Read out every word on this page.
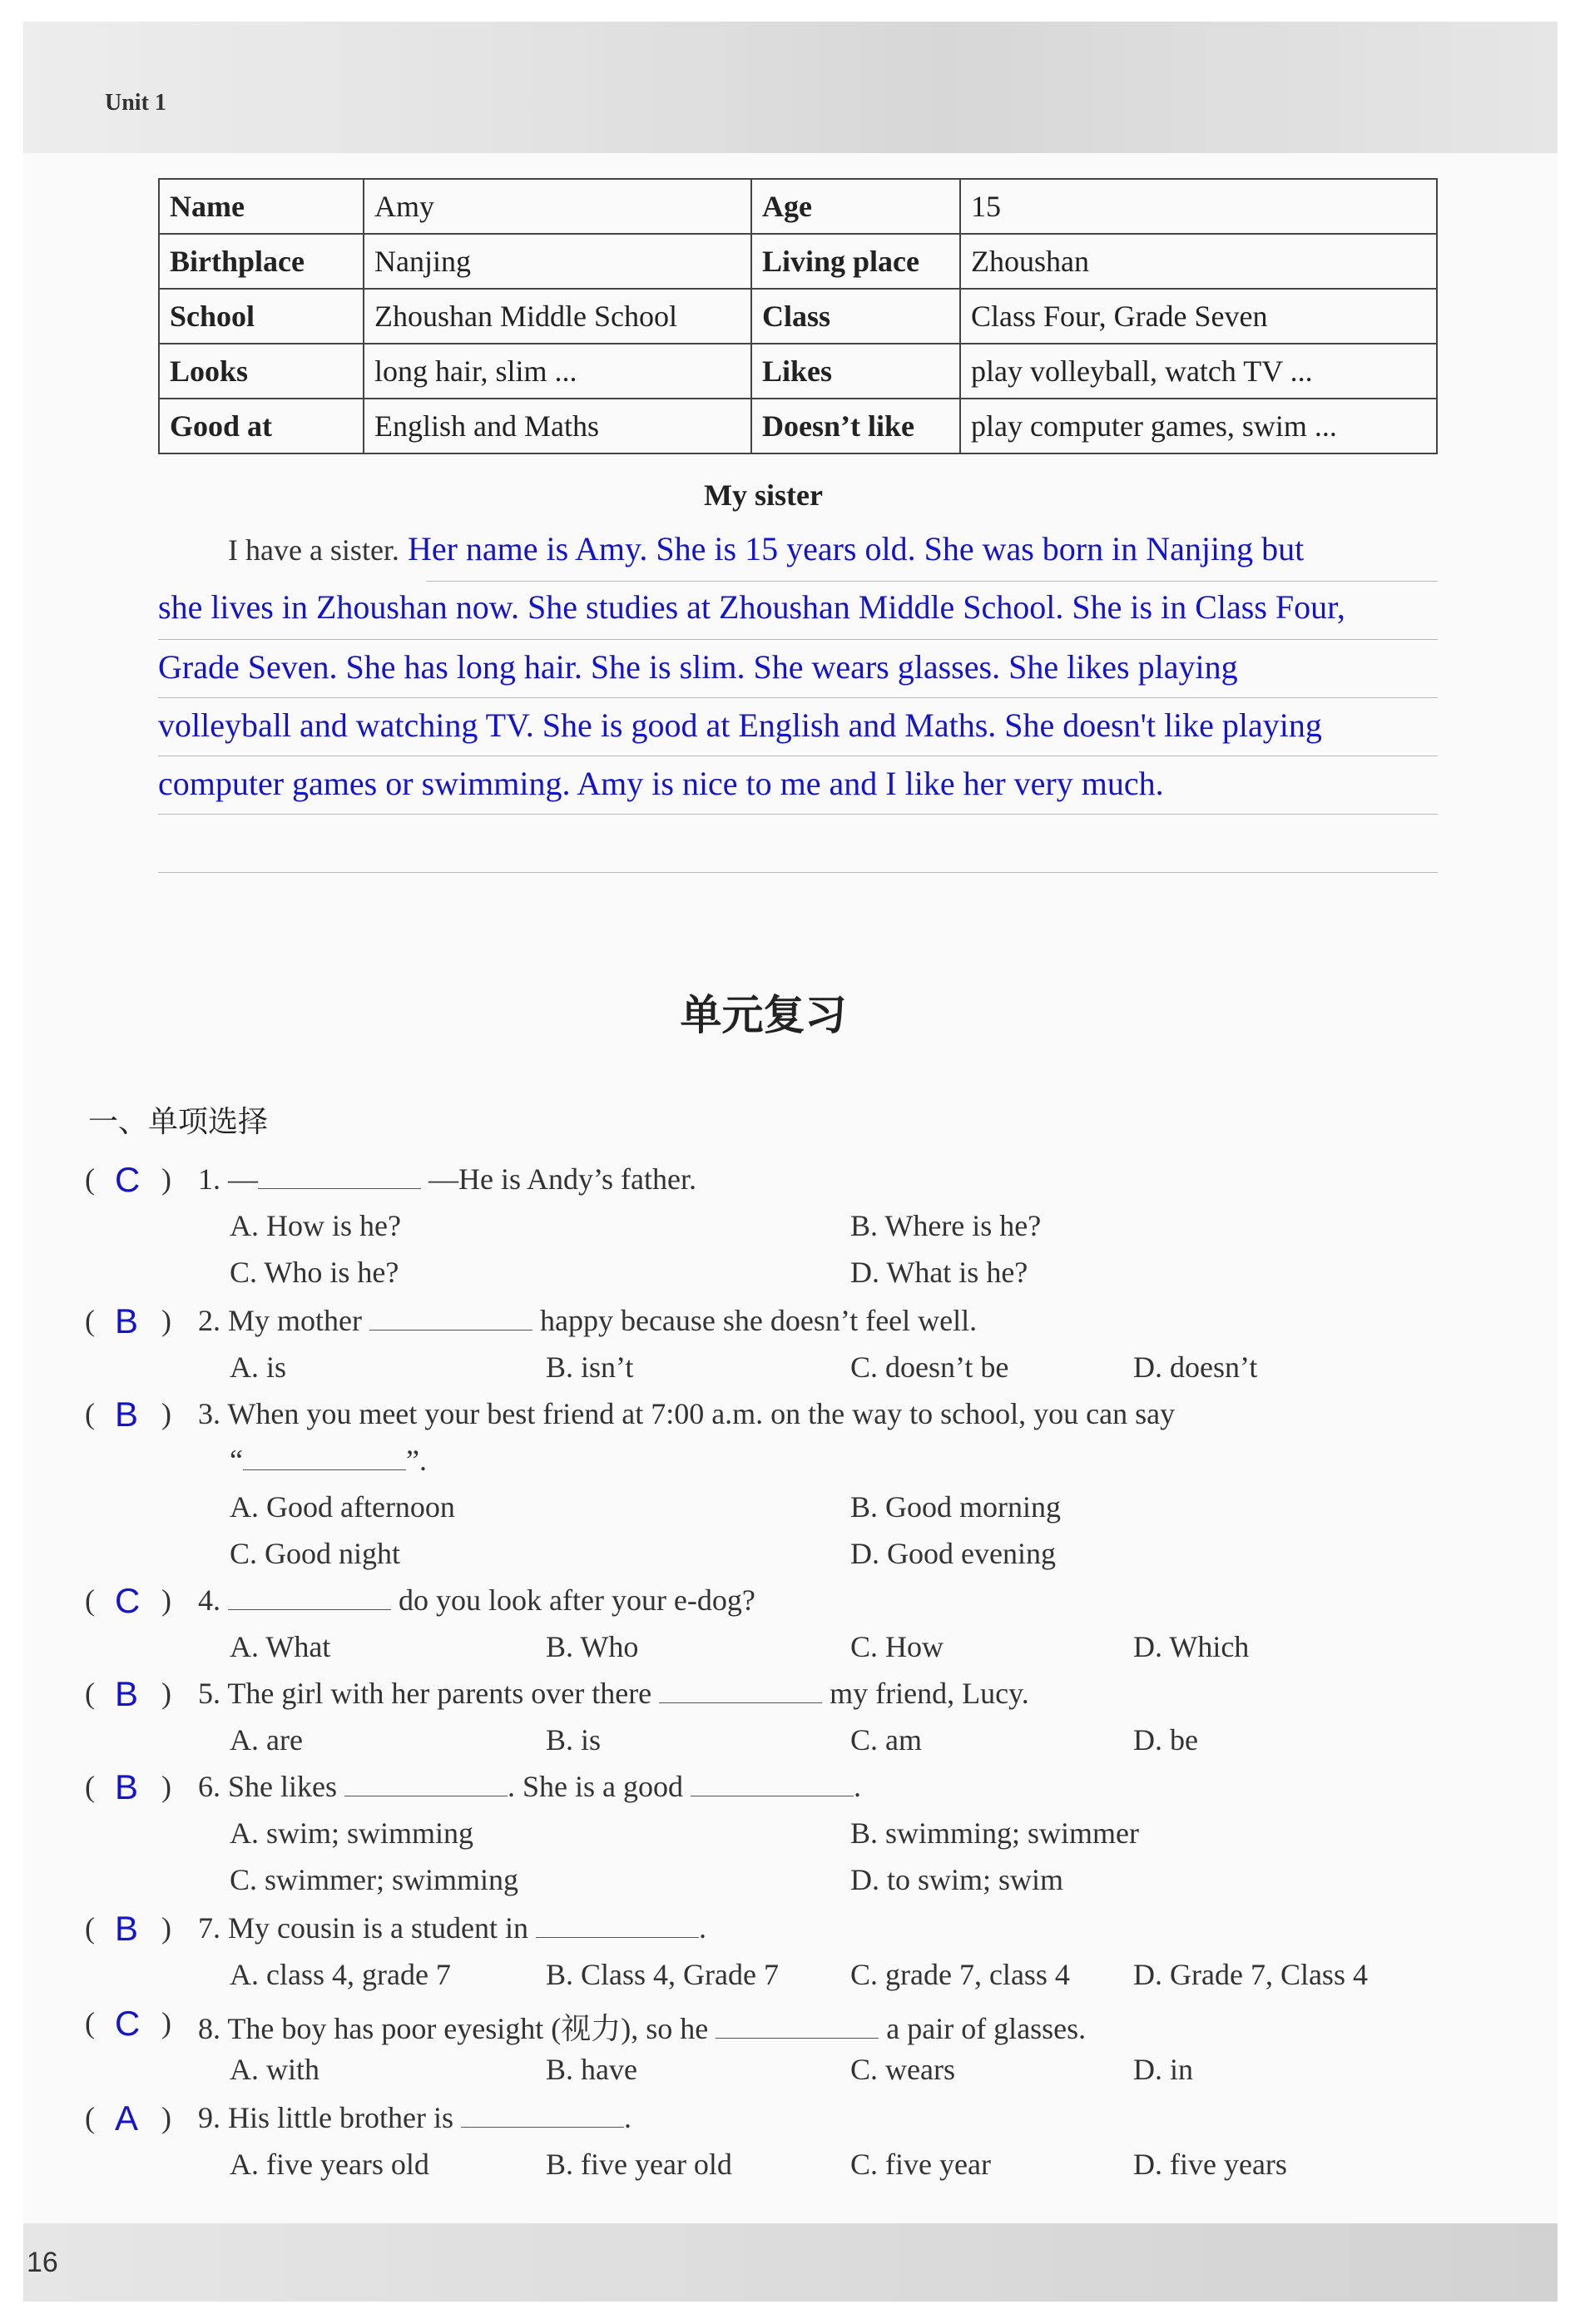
Unit 1
16
Name	Amy	Age	15
Birthplace	Nanjing	Living place	Zhoushan
School	Zhoushan Middle School	Class	Class Four, Grade Seven
Looks	long hair, slim ...	Likes	play volleyball, watch TV ...
Good at	English and Maths	Doesn’t like	play computer games, swim ...
My sister
I have a sister. Her name is Amy. She is 15 years old. She was born in Nanjing but
she lives in Zhoushan now. She studies at Zhoushan Middle School. She is in Class Four,
Grade Seven. She has long hair. She is slim. She wears glasses. She likes playing
volleyball and watching TV. She is good at English and Maths. She doesn't like playing
computer games or swimming. Amy is nice to me and I like her very much.
单元复习
一、单项选择
( C ) 1. —	—He is Andy’s father.
A. How is he?	B. Where is he?
C. Who is he?	D. What is he?
( B ) 2. My mother	happy because she doesn’t feel well.
A. is	B. isn’t	C. doesn’t be	D. doesn’t
( B ) 3. When you meet your best friend at 7:00 a.m. on the way to school, you can say
“	”.
A. Good afternoon	B. Good morning
C. Good night	D. Good evening
( C ) 4.	do you look after your e-dog?
A. What	B. Who	C. How	D. Which
( B ) 5. The girl with her parents over there	my friend, Lucy.
A. are	B. is	C. am	D. be
( B ) 6. She likes	. She is a good	.
A. swim; swimming	B. swimming; swimmer
C. swimmer; swimming	D. to swim; swim
( B ) 7. My cousin is a student in	.
A. class 4, grade 7	B. Class 4, Grade 7 C. grade 7, class 4 D. Grade 7, Class 4
( C ) 8. The boy has poor eyesight (视力), so he	a pair of glasses.
A. with	B. have	C. wears	D. in
( A ) 9. His little brother is	.
A. five years old	B. five year old	C. five year	D. five years
